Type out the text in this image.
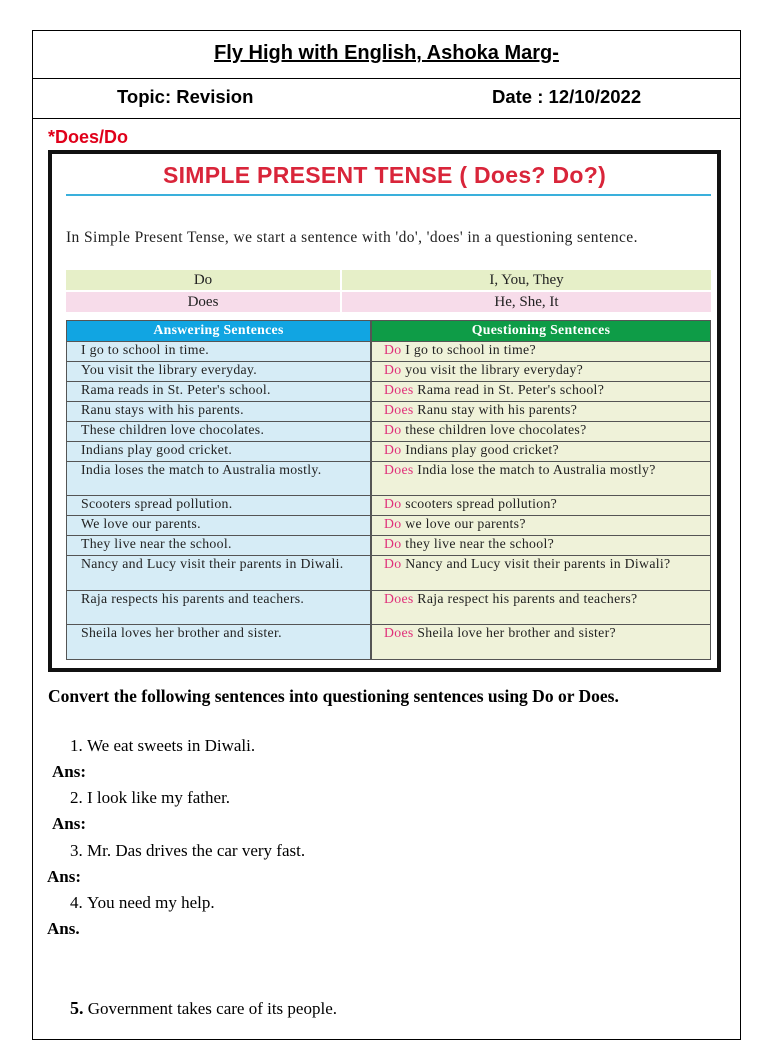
Fly High with English, Ashoka Marg-
Topic: Revision	Date : 12/10/2022
*Does/Do
SIMPLE PRESENT TENSE ( Does? Do?)
In Simple Present Tense, we start a sentence with 'do', 'does' in a questioning sentence.
Do	I, You, They
Does	He, She, It
Answering Sentences	Questioning Sentences
I go to school in time.	Do I go to school in time?
You visit the library everyday.	Do you visit the library everyday?
Rama reads in St. Peter's school.	Does Rama read in St. Peter's school?
Ranu stays with his parents.	Does Ranu stay with his parents?
These children love chocolates.	Do these children love chocolates?
Indians play good cricket.	Do Indians play good cricket?
India loses the match to Australia mostly.	Does India lose the match to Australia mostly?
Scooters spread pollution.	Do scooters spread pollution?
We love our parents.	Do we love our parents?
They live near the school.	Do they live near the school?
Nancy and Lucy visit their parents in Diwali.	Do Nancy and Lucy visit their parents in Diwali?
Raja respects his parents and teachers.	Does Raja respect his parents and teachers?
Sheila loves her brother and sister.	Does Sheila love her brother and sister?
Convert the following sentences into questioning sentences using Do or Does.
1. We eat sweets in Diwali.
Ans:
2. I look like my father.
Ans:
3. Mr. Das drives the car very fast.
Ans:
4. You need my help.
Ans.
5. Government takes care of its people.
